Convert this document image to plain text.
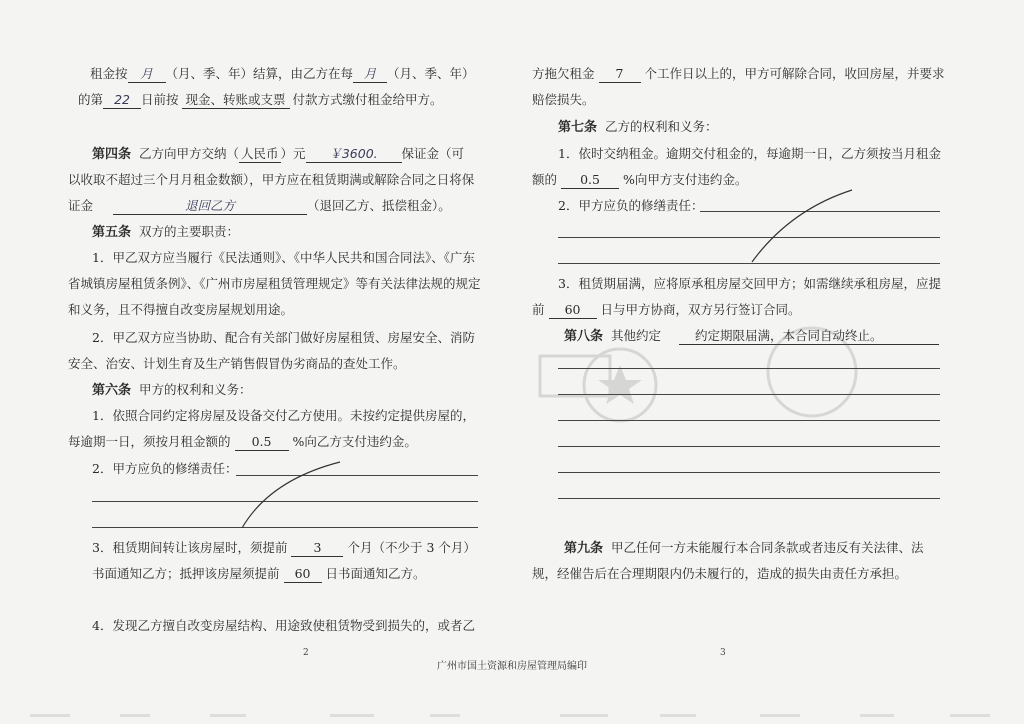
租金按 月 （月、季、年）结算，由乙方在每 月 （月、季、年）
的第 22 日前按 现金、转账或支票 付款方式缴付租金给甲方。
第四条 乙方向甲方交纳（ 人民币 ）元 ￥3600. 保证金（可
以收取不超过三个月月租金数额），甲方应在租赁期满或解除合同之日将保
证金	退回乙方	（退回乙方、抵偿租金）。
第五条 双方的主要职责：
1．甲乙双方应当履行《民法通则》、《中华人民共和国合同法》、《广东
省城镇房屋租赁条例》、《广州市房屋租赁管理规定》等有关法律法规的规定
和义务，且不得擅自改变房屋规划用途。
2．甲乙双方应当协助、配合有关部门做好房屋租赁、房屋安全、消防
安全、治安、计划生育及生产销售假冒伪劣商品的查处工作。
第六条 甲方的权利和义务：
1．依照合同约定将房屋及设备交付乙方使用。未按约定提供房屋的，
每逾期一日，须按月租金额的 0.5 %向乙方支付违约金。
2．甲方应负的修缮责任：
3．租赁期间转让该房屋时，须提前 3 个月（不少于 3 个月）
书面通知乙方；抵押该房屋须提前 60 日书面通知乙方。
4．发现乙方擅自改变房屋结构、用途致使租赁物受到损失的，或者乙
2
方拖欠租金 7 个工作日以上的，甲方可解除合同，收回房屋，并要求
赔偿损失。
第七条 乙方的权利和义务：
1．依时交纳租金。逾期交付租金的，每逾期一日，乙方须按当月租金
额的 0.5 %向甲方支付违约金。
2．甲方应负的修缮责任：
3．租赁期届满，应将原承租房屋交回甲方；如需继续承租房屋，应提
前 60 日与甲方协商，双方另行签订合同。
第八条 其他约定	约定期限届满，本合同自动终止。
第九条 甲乙任何一方未能履行本合同条款或者违反有关法律、法
规，经催告后在合理期限内仍未履行的，造成的损失由责任方承担。
3
广州市国土资源和房屋管理局编印
